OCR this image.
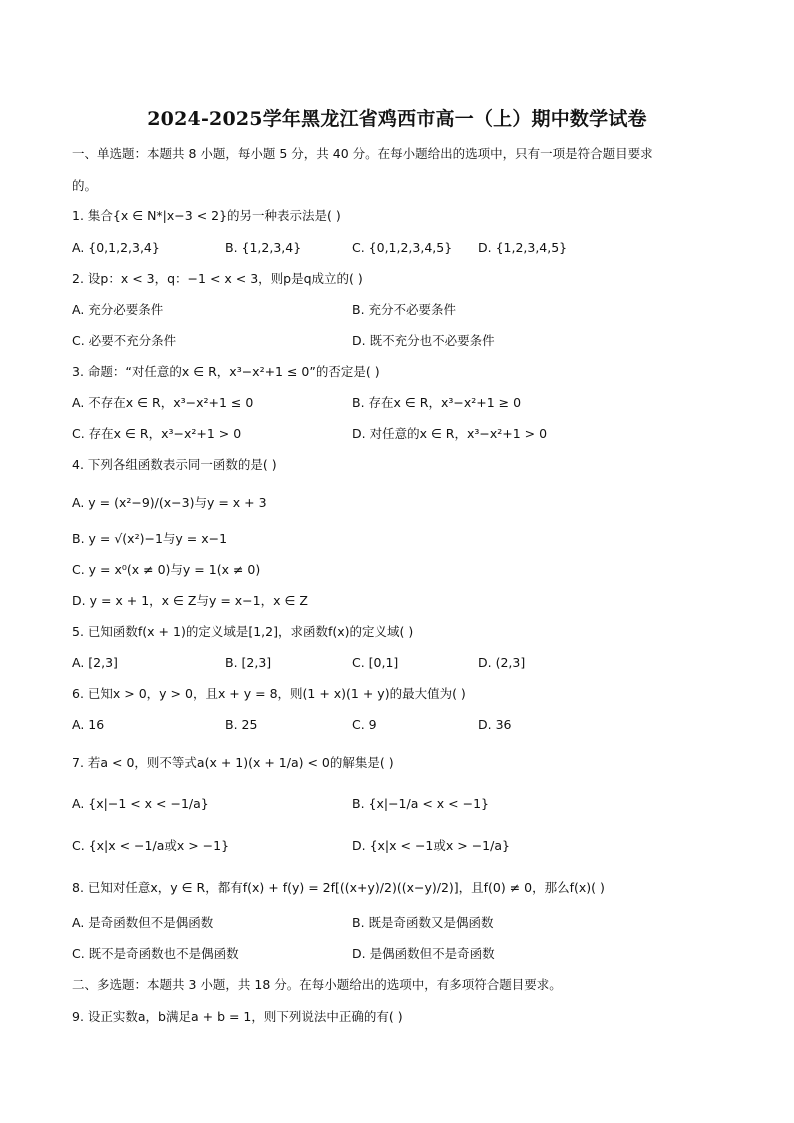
2024-2025学年黑龙江省鸡西市高一（上）期中数学试卷
一、单选题：本题共 8 小题，每小题 5 分，共 40 分。在每小题给出的选项中，只有一项是符合题目要求
的。
1. 集合{x ∈ N*|x−3 < 2}的另一种表示法是( )
A. {0,1,2,3,4}	B. {1,2,3,4}	C. {0,1,2,3,4,5} D. {1,2,3,4,5}
2. 设p：x < 3，q：−1 < x < 3，则p是q成立的( )
A. 充分必要条件	B. 充分不必要条件
C. 必要不充分条件	D. 既不充分也不必要条件
3. 命题：“对任意的x ∈ R，x³−x²+1 ≤ 0”的否定是( )
A. 不存在x ∈ R，x³−x²+1 ≤ 0	B. 存在x ∈ R，x³−x²+1 ≥ 0
C. 存在x ∈ R，x³−x²+1 > 0	D. 对任意的x ∈ R，x³−x²+1 > 0
4. 下列各组函数表示同一函数的是( )
A. y = (x²−9)/(x−3)与y = x + 3
B. y = √(x²)−1与y = x−1
C. y = x⁰(x ≠ 0)与y = 1(x ≠ 0)
D. y = x + 1，x ∈ Z与y = x−1，x ∈ Z
5. 已知函数f(x + 1)的定义域是[1,2]，求函数f(x)的定义域( )
A. [2,3]	B. [2,3]	C. [0,1]	D. (2,3]
6. 已知x > 0，y > 0，且x + y = 8，则(1 + x)(1 + y)的最大值为( )
A. 16	B. 25	C. 9	D. 36
7. 若a < 0，则不等式a(x + 1)(x + 1/a) < 0的解集是( )
A. {x|−1 < x < −1/a}	B. {x|−1/a < x < −1}
C. {x|x < −1/a或x > −1}	D. {x|x < −1或x > −1/a}
8. 已知对任意x，y ∈ R，都有f(x) + f(y) = 2f[((x+y)/2)((x−y)/2)]，且f(0) ≠ 0，那么f(x)( )
A. 是奇函数但不是偶函数	B. 既是奇函数又是偶函数
C. 既不是奇函数也不是偶函数	D. 是偶函数但不是奇函数
二、多选题：本题共 3 小题，共 18 分。在每小题给出的选项中，有多项符合题目要求。
9. 设正实数a，b满足a + b = 1，则下列说法中正确的有( )
